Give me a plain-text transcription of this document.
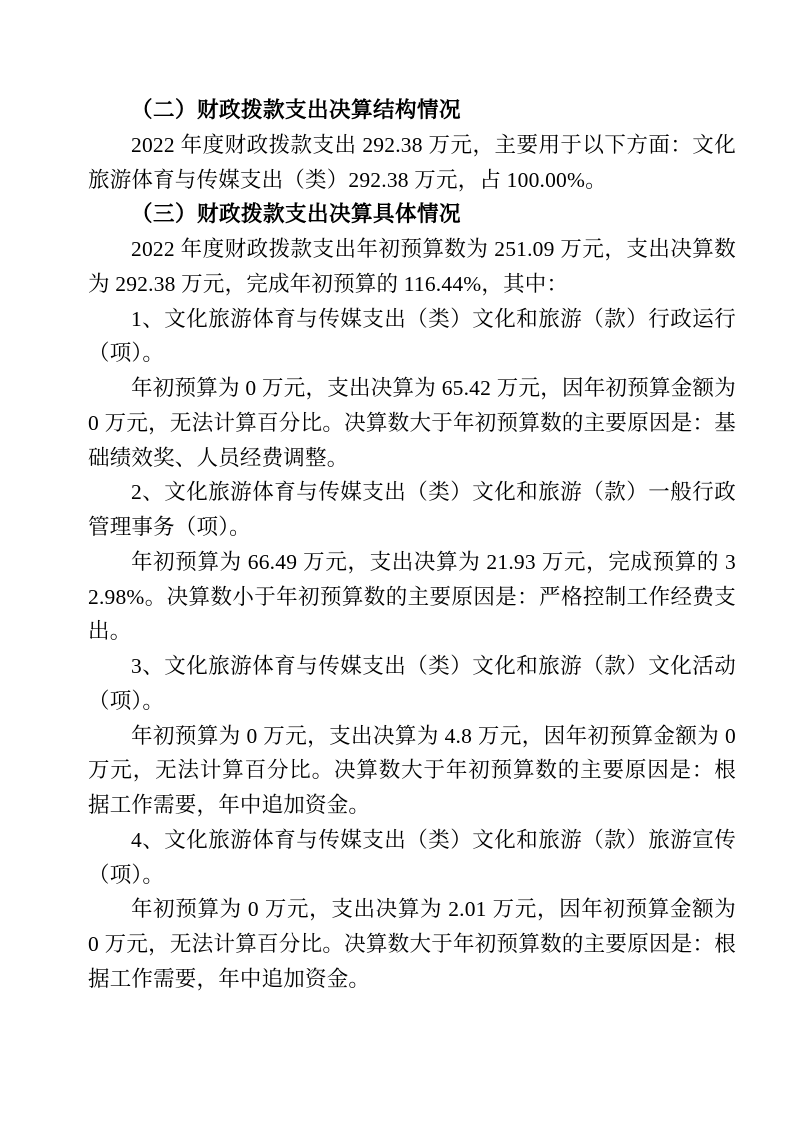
（二）财政拨款支出决算结构情况

2022 年度财政拨款支出 292.38 万元，主要用于以下方面：文化旅游体育与传媒支出（类）292.38 万元，占 100.00%。

（三）财政拨款支出决算具体情况

2022 年度财政拨款支出年初预算数为 251.09 万元，支出决算数为 292.38 万元，完成年初预算的 116.44%，其中：

1、文化旅游体育与传媒支出（类）文化和旅游（款）行政运行（项）。

年初预算为 0 万元，支出决算为 65.42 万元，因年初预算金额为 0 万元，无法计算百分比。决算数大于年初预算数的主要原因是：基础绩效奖、人员经费调整。

2、文化旅游体育与传媒支出（类）文化和旅游（款）一般行政管理事务（项）。

年初预算为 66.49 万元，支出决算为 21.93 万元，完成预算的 32.98%。决算数小于年初预算数的主要原因是：严格控制工作经费支出。

3、文化旅游体育与传媒支出（类）文化和旅游（款）文化活动（项）。

年初预算为 0 万元，支出决算为 4.8 万元，因年初预算金额为 0 万元，无法计算百分比。决算数大于年初预算数的主要原因是：根据工作需要，年中追加资金。

4、文化旅游体育与传媒支出（类）文化和旅游（款）旅游宣传（项）。

年初预算为 0 万元，支出决算为 2.01 万元，因年初预算金额为 0 万元，无法计算百分比。决算数大于年初预算数的主要原因是：根据工作需要，年中追加资金。
